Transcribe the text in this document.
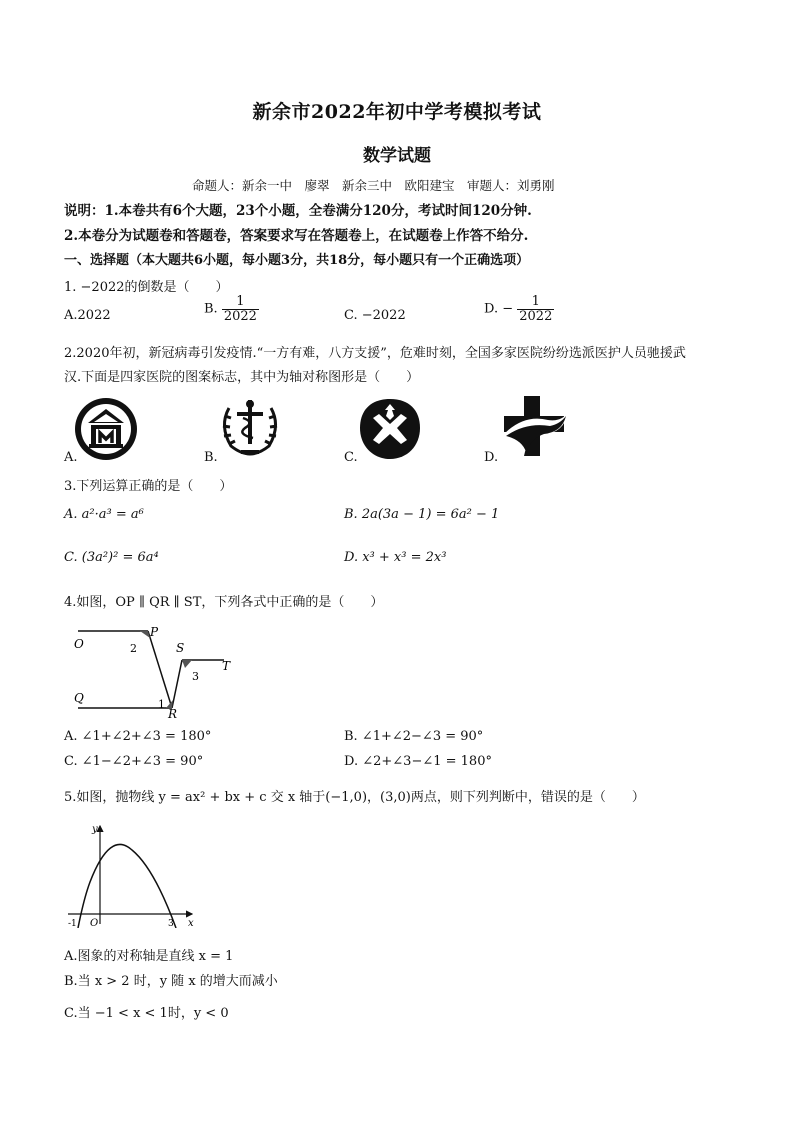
新余市2022年初中学考模拟考试
数学试题
命题人：新余一中　廖翠　新余三中　欧阳建宝　审题人：刘勇刚
说明：1.本卷共有6个大题，23个小题，全卷满分120分，考试时间120分钟.
2.本卷分为试题卷和答题卷，答案要求写在答题卷上，在试题卷上作答不给分.
一、选择题（本大题共6小题，每小题3分，共18分，每小题只有一个正确选项）
1. −2022的倒数是（　　）
A.2022	B. $\frac{1}{2022}$	C. −2022	D. − $\frac{1}{2022}$
2.2020年初，新冠病毒引发疫情.“一方有难，八方支援”，危难时刻，全国多家医院纷纷选派医护人员驰援武
汉.下面是四家医院的图案标志，其中为轴对称图形是（　　）
A.	B.	C.	D.
3.下列运算正确的是（　　）
A. a²·a³ = a⁶	B. 2a(3a − 1) = 6a² − 1
C. (3a²)² = 6a⁴	D. x³ + x³ = 2x³
4.如图，OP ∥ QR ∥ ST，下列各式中正确的是（　　）
O
P
Q
R
S
T
1
2
3
A. ∠1+∠2+∠3 = 180°	B. ∠1+∠2−∠3 = 90°
C. ∠1−∠2+∠3 = 90°	D. ∠2+∠3−∠1 = 180°
5.如图，抛物线 y = ax² + bx + c 交 x 轴于(−1,0)，(3,0)两点，则下列判断中，错误的是（　　）
y
x
O
-1	3
A.图象的对称轴是直线 x = 1
B.当 x > 2 时，y 随 x 的增大而减小
C.当 −1 < x < 1时，y < 0
